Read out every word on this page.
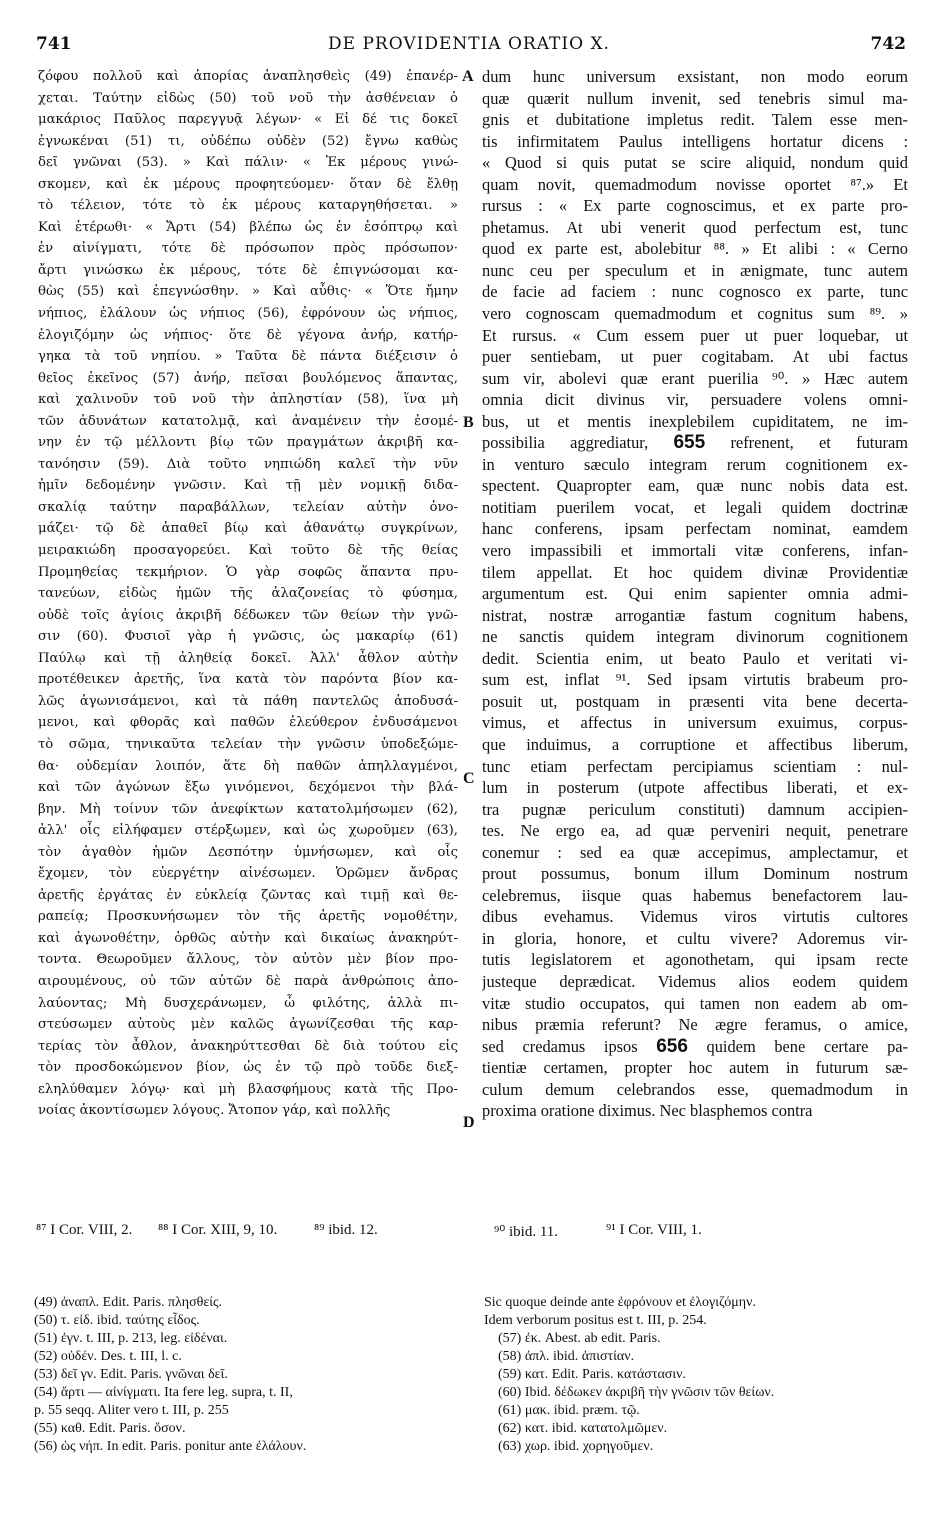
741	DE PROVIDENTIA ORATIO X.	742
ζόφου πολλοῦ καὶ ἀπορίας ἀναπλησθεὶς (49) ἐπανέρ-
χεται. Ταύτην εἰδὼς (50) τοῦ νοῦ τὴν ἀσθένειαν ὁ
μακάριος Παῦλος παρεγγυᾷ λέγων· « Εἰ δέ τις δοκεῖ
ἐγνωκέναι (51) τι, οὐδέπω οὐδὲν (52) ἔγνω καθὼς
δεῖ γνῶναι (53). » Καὶ πάλιν· « Ἐκ μέρους γινώ-
σκομεν, καὶ ἐκ μέρους προφητεύομεν· ὅταν δὲ ἔλθῃ
τὸ τέλειον, τότε τὸ ἐκ μέρους καταργηθήσεται. »
Καὶ ἑτέρωθι· « Ἄρτι (54) βλέπω ὡς ἐν ἐσόπτρῳ καὶ
ἐν αἰνίγματι, τότε δὲ πρόσωπον πρὸς πρόσωπον·
ἄρτι γινώσκω ἐκ μέρους, τότε δὲ ἐπιγνώσομαι κα-
θὼς (55) καὶ ἐπεγνώσθην. » Καὶ αὖθις· « Ὅτε ἤμην
νήπιος, ἐλάλουν ὡς νήπιος (56), ἐφρόνουν ὡς νήπιος,
ἐλογιζόμην ὡς νήπιος· ὅτε δὲ γέγονα ἀνήρ, κατήρ-
γηκα τὰ τοῦ νηπίου. » Ταῦτα δὲ πάντα διέξεισιν ὁ
θεῖος ἐκεῖνος (57) ἀνήρ, πεῖσαι βουλόμενος ἅπαντας,
καὶ χαλινοῦν τοῦ νοῦ τὴν ἀπληστίαν (58), ἵνα μὴ
τῶν ἀδυνάτων κατατολμᾷ, καὶ ἀναμένειν τὴν ἐσομέ-
νην ἐν τῷ μέλλοντι βίῳ τῶν πραγμάτων ἀκριβῆ κα-
τανόησιν (59). Διὰ τοῦτο νηπιώδη καλεῖ τὴν νῦν
ἡμῖν δεδομένην γνῶσιν. Καὶ τῇ μὲν νομικῇ διδα-
σκαλίᾳ ταύτην παραβάλλων, τελείαν αὐτὴν ὀνο-
μάζει· τῷ δὲ ἀπαθεῖ βίῳ καὶ ἀθανάτῳ συγκρίνων,
μειρακιώδη προσαγορεύει. Καὶ τοῦτο δὲ τῆς θείας
Προμηθείας τεκμήριον. Ὁ γὰρ σοφῶς ἅπαντα πρυ-
τανεύων, εἰδὼς ἡμῶν τῆς ἀλαζονείας τὸ φύσημα,
οὐδὲ τοῖς ἁγίοις ἀκριβῆ δέδωκεν τῶν θείων τὴν γνῶ-
σιν (60). Φυσιοῖ γὰρ ἡ γνῶσις, ὡς μακαρίῳ (61)
Παύλῳ καὶ τῇ ἀληθείᾳ δοκεῖ. Ἀλλ' ἆθλον αὐτὴν
προτέθεικεν ἀρετῆς, ἵνα κατὰ τὸν παρόντα βίον κα-
λῶς ἀγωνισάμενοι, καὶ τὰ πάθη παντελῶς ἀποδυσά-
μενοι, καὶ φθορᾶς καὶ παθῶν ἐλεύθερον ἐνδυσάμενοι
τὸ σῶμα, τηνικαῦτα τελείαν τὴν γνῶσιν ὑποδεξώμε-
θα· οὐδεμίαν λοιπόν, ἅτε δὴ παθῶν ἀπηλλαγμένοι,
καὶ τῶν ἀγώνων ἔξω γινόμενοι, δεχόμενοι τὴν βλά-
βην. Μὴ τοίνυν τῶν ἀνεφίκτων κατατολμήσωμεν (62),
ἀλλ' οἷς εἰλήφαμεν στέρξωμεν, καὶ ὡς χωροῦμεν (63),
τὸν ἀγαθὸν ἡμῶν Δεσπότην ὑμνήσωμεν, καὶ οἷς
ἔχομεν, τὸν εὐεργέτην αἰνέσωμεν. Ὁρῶμεν ἄνδρας
ἀρετῆς ἐργάτας ἐν εὐκλείᾳ ζῶντας καὶ τιμῇ καὶ θε-
ραπείᾳ; Προσκυνήσωμεν τὸν τῆς ἀρετῆς νομοθέτην,
καὶ ἀγωνοθέτην, ὀρθῶς αὐτὴν καὶ δικαίως ἀνακηρύτ-
τοντα. Θεωροῦμεν ἄλλους, τὸν αὐτὸν μὲν βίον προ-
αιρουμένους, οὐ τῶν αὐτῶν δὲ παρὰ ἀνθρώποις ἀπο-
λαύοντας; Μὴ δυσχεράνωμεν, ὦ φιλότης, ἀλλὰ πι-
στεύσωμεν αὐτοὺς μὲν καλῶς ἀγωνίζεσθαι τῆς καρ-
τερίας τὸν ἆθλον, ἀνακηρύττεσθαι δὲ διὰ τούτου εἰς
τὸν προσδοκώμενον βίον, ὡς ἐν τῷ πρὸ τοῦδε διεξ-
εληλύθαμεν λόγῳ· καὶ μὴ βλασφήμους κατὰ τῆς Προ-
νοίας ἀκοντίσωμεν λόγους. Ἄτοπον γάρ, καὶ πολλῆς
dum hunc universum exsistant, non modo eorum
quæ quærit nullum invenit, sed tenebris simul ma-
gnis et dubitatione impletus redit. Talem esse men-
tis infirmitatem Paulus intelligens hortatur dicens :
« Quod si quis putat se scire aliquid, nondum quid
quam novit, quemadmodum novisse oportet ⁸⁷.» Et
rursus : « Ex parte cognoscimus, et ex parte pro-
phetamus. At ubi venerit quod perfectum est, tunc
quod ex parte est, abolebitur ⁸⁸. » Et alibi : « Cerno
nunc ceu per speculum et in ænigmate, tunc autem
de facie ad faciem : nunc cognosco ex parte, tunc
vero cognoscam quemadmodum et cognitus sum ⁸⁹. »
Et rursus. « Cum essem puer ut puer loquebar, ut
puer sentiebam, ut puer cogitabam. At ubi factus
sum vir, abolevi quæ erant puerilia ⁹⁰. » Hæc autem
omnia dicit divinus vir, persuadere volens omni-
bus, ut et mentis inexplebilem cupiditatem, ne im-
possibilia aggrediatur, 655 refrenent, et futuram
in venturo sæculo integram rerum cognitionem ex-
spectent. Quapropter eam, quæ nunc nobis data est.
notitiam puerilem vocat, et legali quidem doctrinæ
hanc conferens, ipsam perfectam nominat, eamdem
vero impassibili et immortali vitæ conferens, infan-
tilem appellat. Et hoc quidem divinæ Providentiæ
argumentum est. Qui enim sapienter omnia admi-
nistrat, nostræ arrogantiæ fastum cognitum habens,
ne sanctis quidem integram divinorum cognitionem
dedit. Scientia enim, ut beato Paulo et veritati vi-
sum est, inflat ⁹¹. Sed ipsam virtutis brabeum pro-
posuit ut, postquam in præsenti vita bene decerta-
vimus, et affectus in universum exuimus, corpus-
que induimus, a corruptione et affectibus liberum,
tunc etiam perfectam percipiamus scientiam : nul-
lum in posterum (utpote affectibus liberati, et ex-
tra pugnæ periculum constituti) damnum accipien-
tes. Ne ergo ea, ad quæ perveniri nequit, penetrare
conemur : sed ea quæ accepimus, amplectamur, et
prout possumus, bonum illum Dominum nostrum
celebremus, iisque quas habemus benefactorem lau-
dibus evehamus. Videmus viros virtutis cultores
in gloria, honore, et cultu vivere? Adoremus vir-
tutis legislatorem et agonothetam, qui ipsam recte
justeque deprædicat. Videmus alios eodem quidem
vitæ studio occupatos, qui tamen non eadem ab om-
nibus præmia referunt? Ne ægre feramus, o amice,
sed credamus ipsos 656 quidem bene certare pa-
tientiæ certamen, propter hoc autem in futurum sæ-
culum demum celebrandos esse, quemadmodum in
proxima oratione diximus. Nec blasphemos contra
A
B
C
D
⁸⁷ I Cor. VIII, 2. ⁸⁸ I Cor. XIII, 9, 10. ⁸⁹ ibid. 12.	⁹⁰ ibid. 11.	⁹¹ I Cor. VIII, 1.
(49) ἀναπλ. Edit. Paris. πλησθείς.
(50) τ. εἰδ. ibid. ταύτης εἶδος.
(51) ἐγν. t. III, p. 213, leg. εἰδέναι.
(52) οὐδέν. Des. t. III, l. c.
(53) δεῖ γν. Edit. Paris. γνῶναι δεῖ.
(54) ἄρτι — αἰνίγματι. Ita fere leg. supra, t. II,
p. 55 seqq. Aliter vero t. III, p. 255
(55) καθ. Edit. Paris. ὅσον.
(56) ὡς νήπ. In edit. Paris. ponitur ante ἐλάλουν.
Sic quoque deinde ante ἐφρόνουν et ἐλογιζόμην.
Idem verborum positus est t. III, p. 254.
(57) ἐκ. Abest. ab edit. Paris.
(58) ἀπλ. ibid. ἀπιστίαν.
(59) κατ. Edit. Paris. κατάστασιν.
(60) Ibid. δέδωκεν ἀκριβῆ τὴν γνῶσιν τῶν θείων.
(61) μακ. ibid. præm. τῷ.
(62) κατ. ibid. κατατολμῶμεν.
(63) χωρ. ibid. χορηγοῦμεν.
